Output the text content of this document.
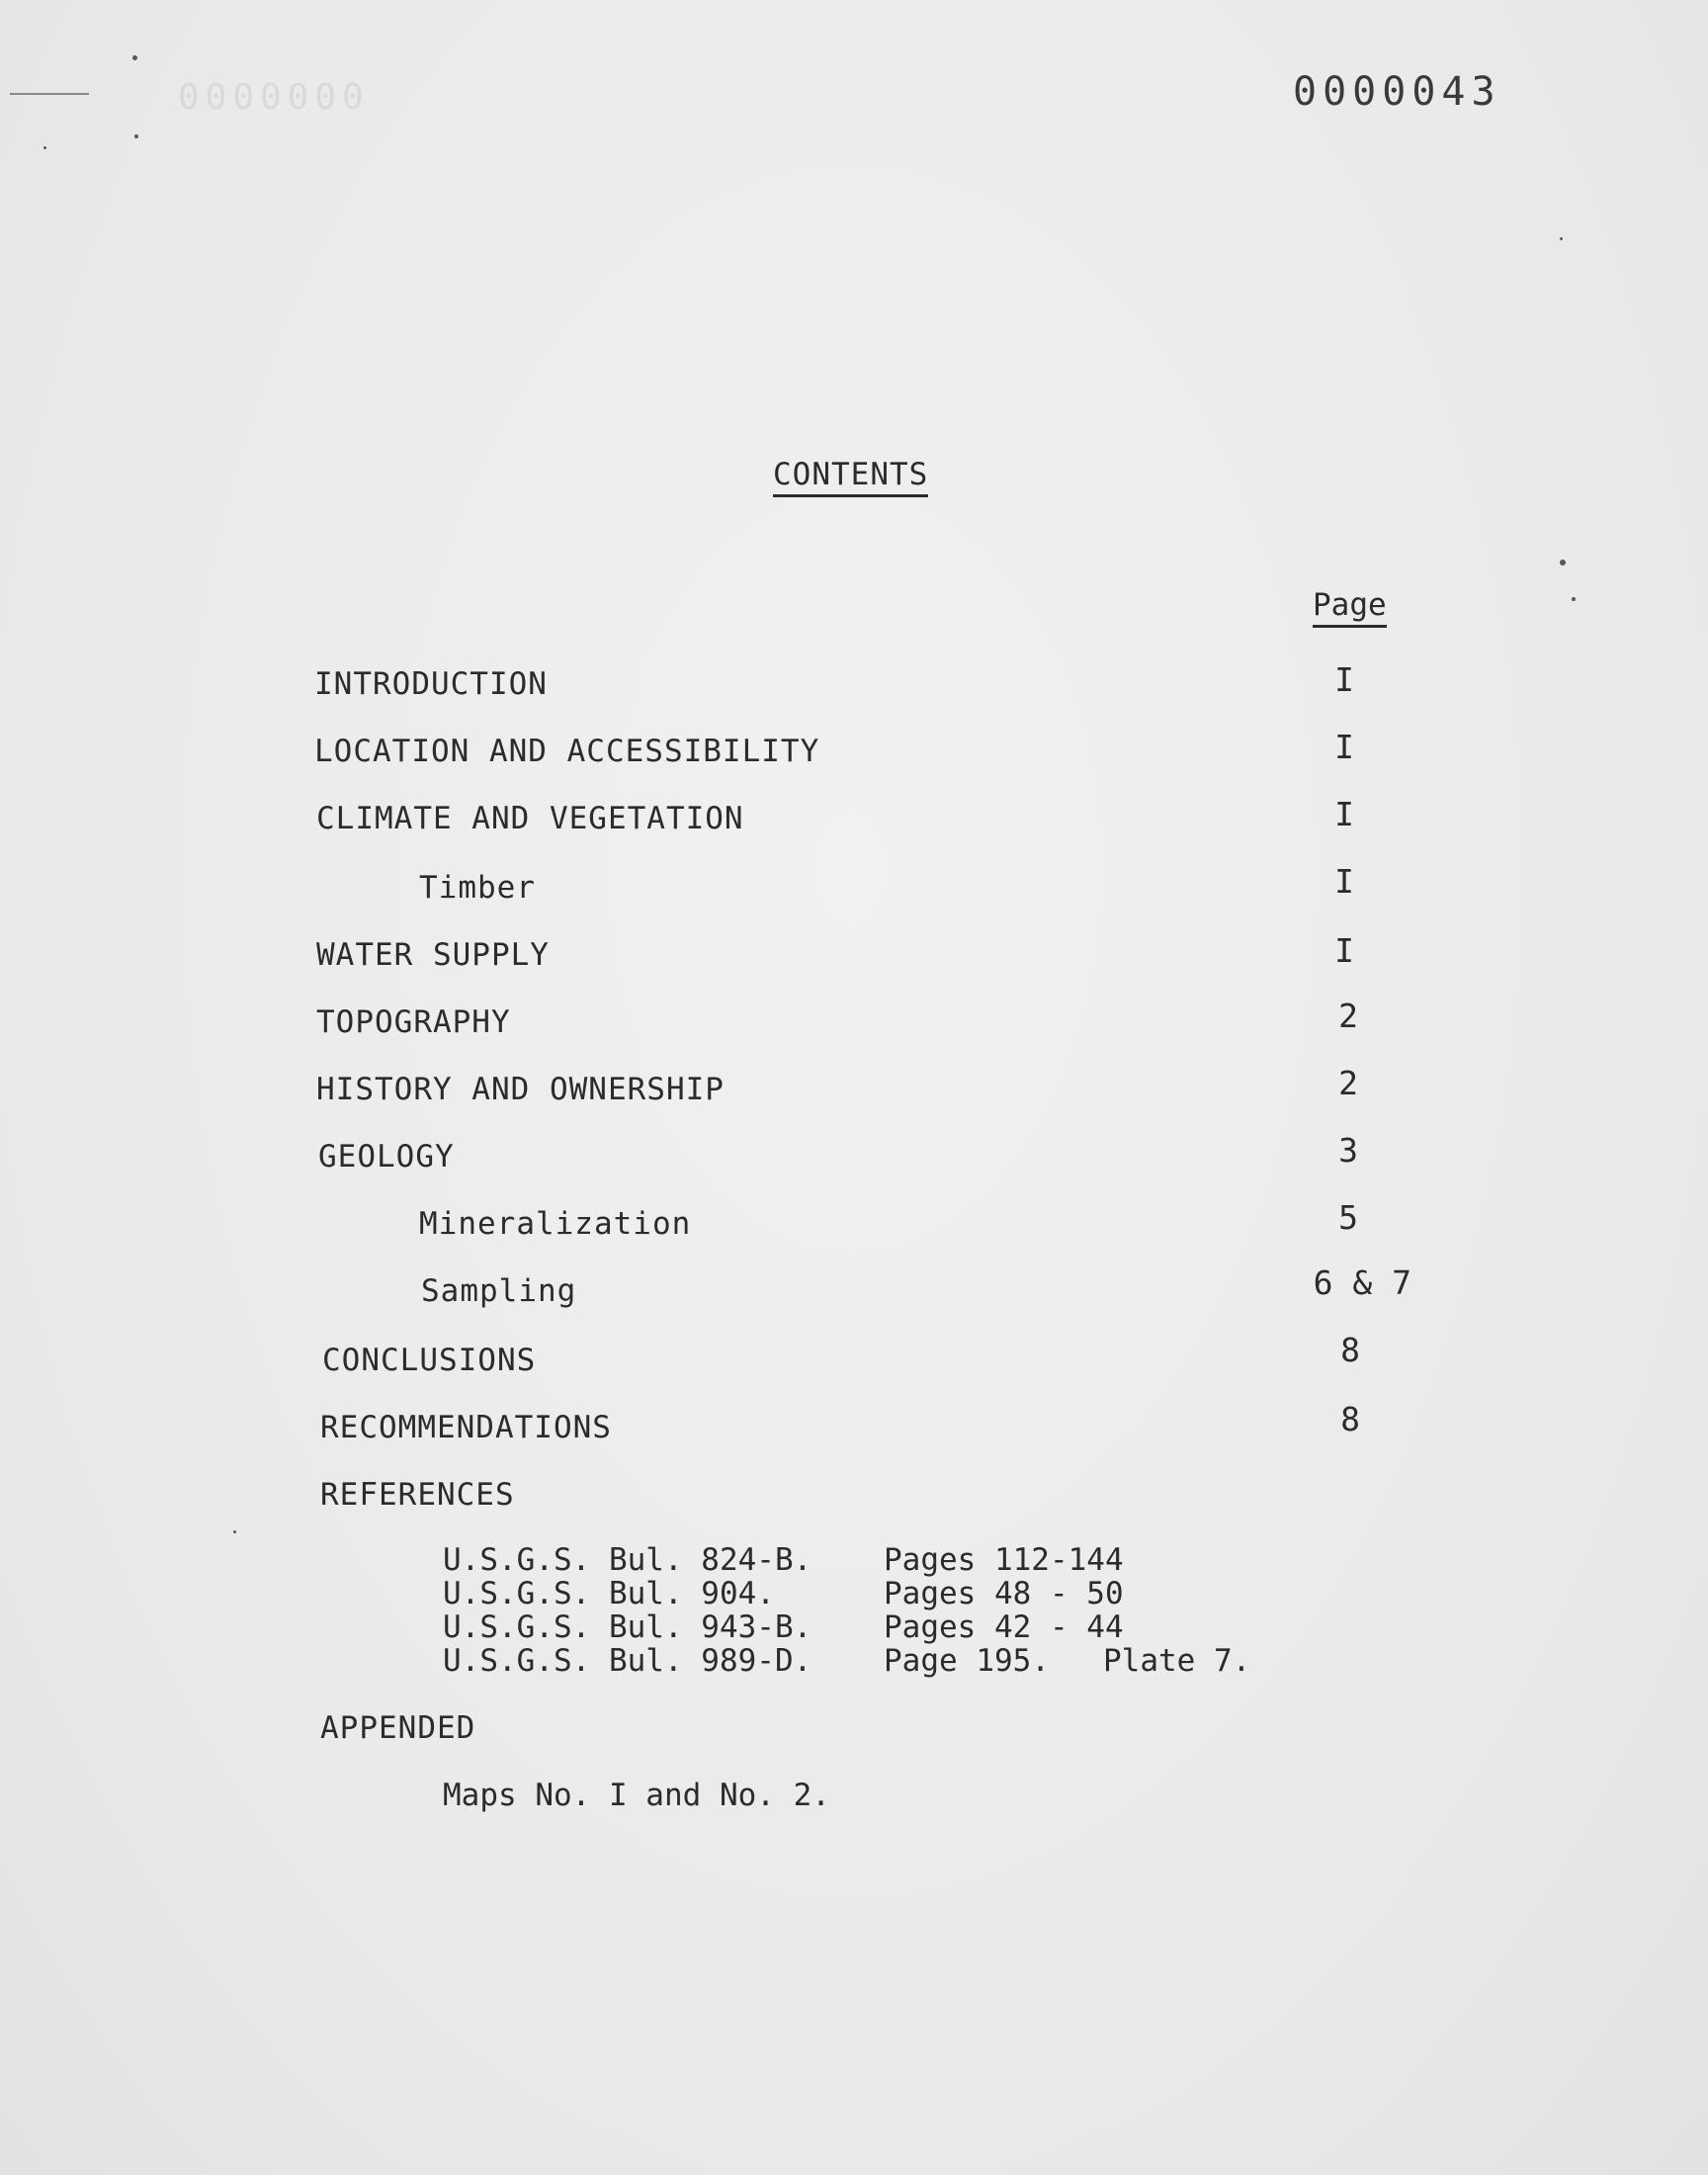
0000000	0000043
CONTENTS
Page
INTRODUCTION	I
LOCATION AND ACCESSIBILITY	I
CLIMATE AND VEGETATION	I
Timber	I
WATER SUPPLY	I
TOPOGRAPHY	2
HISTORY AND OWNERSHIP	2
GEOLOGY	3
Mineralization	5
Sampling	6 & 7
CONCLUSIONS	8
RECOMMENDATIONS	8
REFERENCES
U.S.G.S. Bul. 824-B. Pages 112-144
U.S.G.S. Bul. 904.	Pages 48 - 50
U.S.G.S. Bul. 943-B. Pages 42 - 44
U.S.G.S. Bul. 989-D. Page 195. Plate 7.
APPENDED
Maps No. I and No. 2.
